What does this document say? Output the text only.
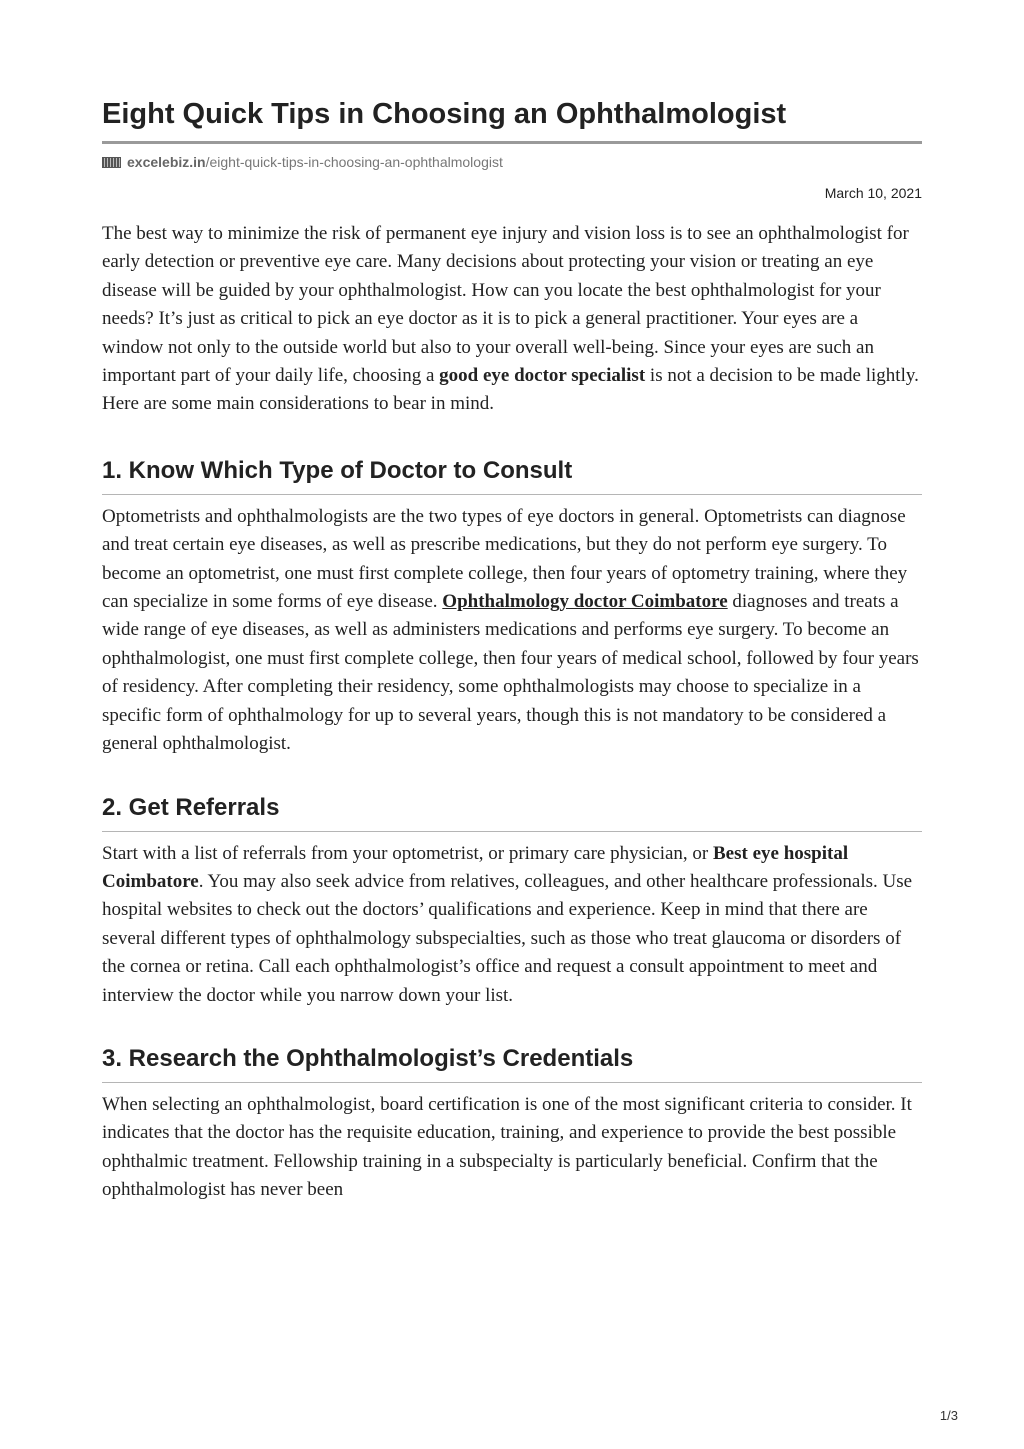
Eight Quick Tips in Choosing an Ophthalmologist
excelebiz.in /eight-quick-tips-in-choosing-an-ophthalmologist
March 10, 2021

The best way to minimize the risk of permanent eye injury and vision loss is to see an ophthalmologist for early detection or preventive eye care. Many decisions about protecting your vision or treating an eye disease will be guided by your ophthalmologist. How can you locate the best ophthalmologist for your needs? It’s just as critical to pick an eye doctor as it is to pick a general practitioner. Your eyes are a window not only to the outside world but also to your overall well-being. Since your eyes are such an important part of your daily life, choosing a good eye doctor specialist is not a decision to be made lightly. Here are some main considerations to bear in mind.

1. Know Which Type of Doctor to Consult

Optometrists and ophthalmologists are the two types of eye doctors in general. Optometrists can diagnose and treat certain eye diseases, as well as prescribe medications, but they do not perform eye surgery. To become an optometrist, one must first complete college, then four years of optometry training, where they can specialize in some forms of eye disease. Ophthalmology doctor Coimbatore diagnoses and treats a wide range of eye diseases, as well as administers medications and performs eye surgery. To become an ophthalmologist, one must first complete college, then four years of medical school, followed by four years of residency. After completing their residency, some ophthalmologists may choose to specialize in a specific form of ophthalmology for up to several years, though this is not mandatory to be considered a general ophthalmologist.

2. Get Referrals

Start with a list of referrals from your optometrist, or primary care physician, or Best eye hospital Coimbatore. You may also seek advice from relatives, colleagues, and other healthcare professionals. Use hospital websites to check out the doctors’ qualifications and experience. Keep in mind that there are several different types of ophthalmology subspecialties, such as those who treat glaucoma or disorders of the cornea or retina. Call each ophthalmologist’s office and request a consult appointment to meet and interview the doctor while you narrow down your list.

3. Research the Ophthalmologist’s Credentials

When selecting an ophthalmologist, board certification is one of the most significant criteria to consider. It indicates that the doctor has the requisite education, training, and experience to provide the best possible ophthalmic treatment. Fellowship training in a subspecialty is particularly beneficial. Confirm that the ophthalmologist has never been

1/3
